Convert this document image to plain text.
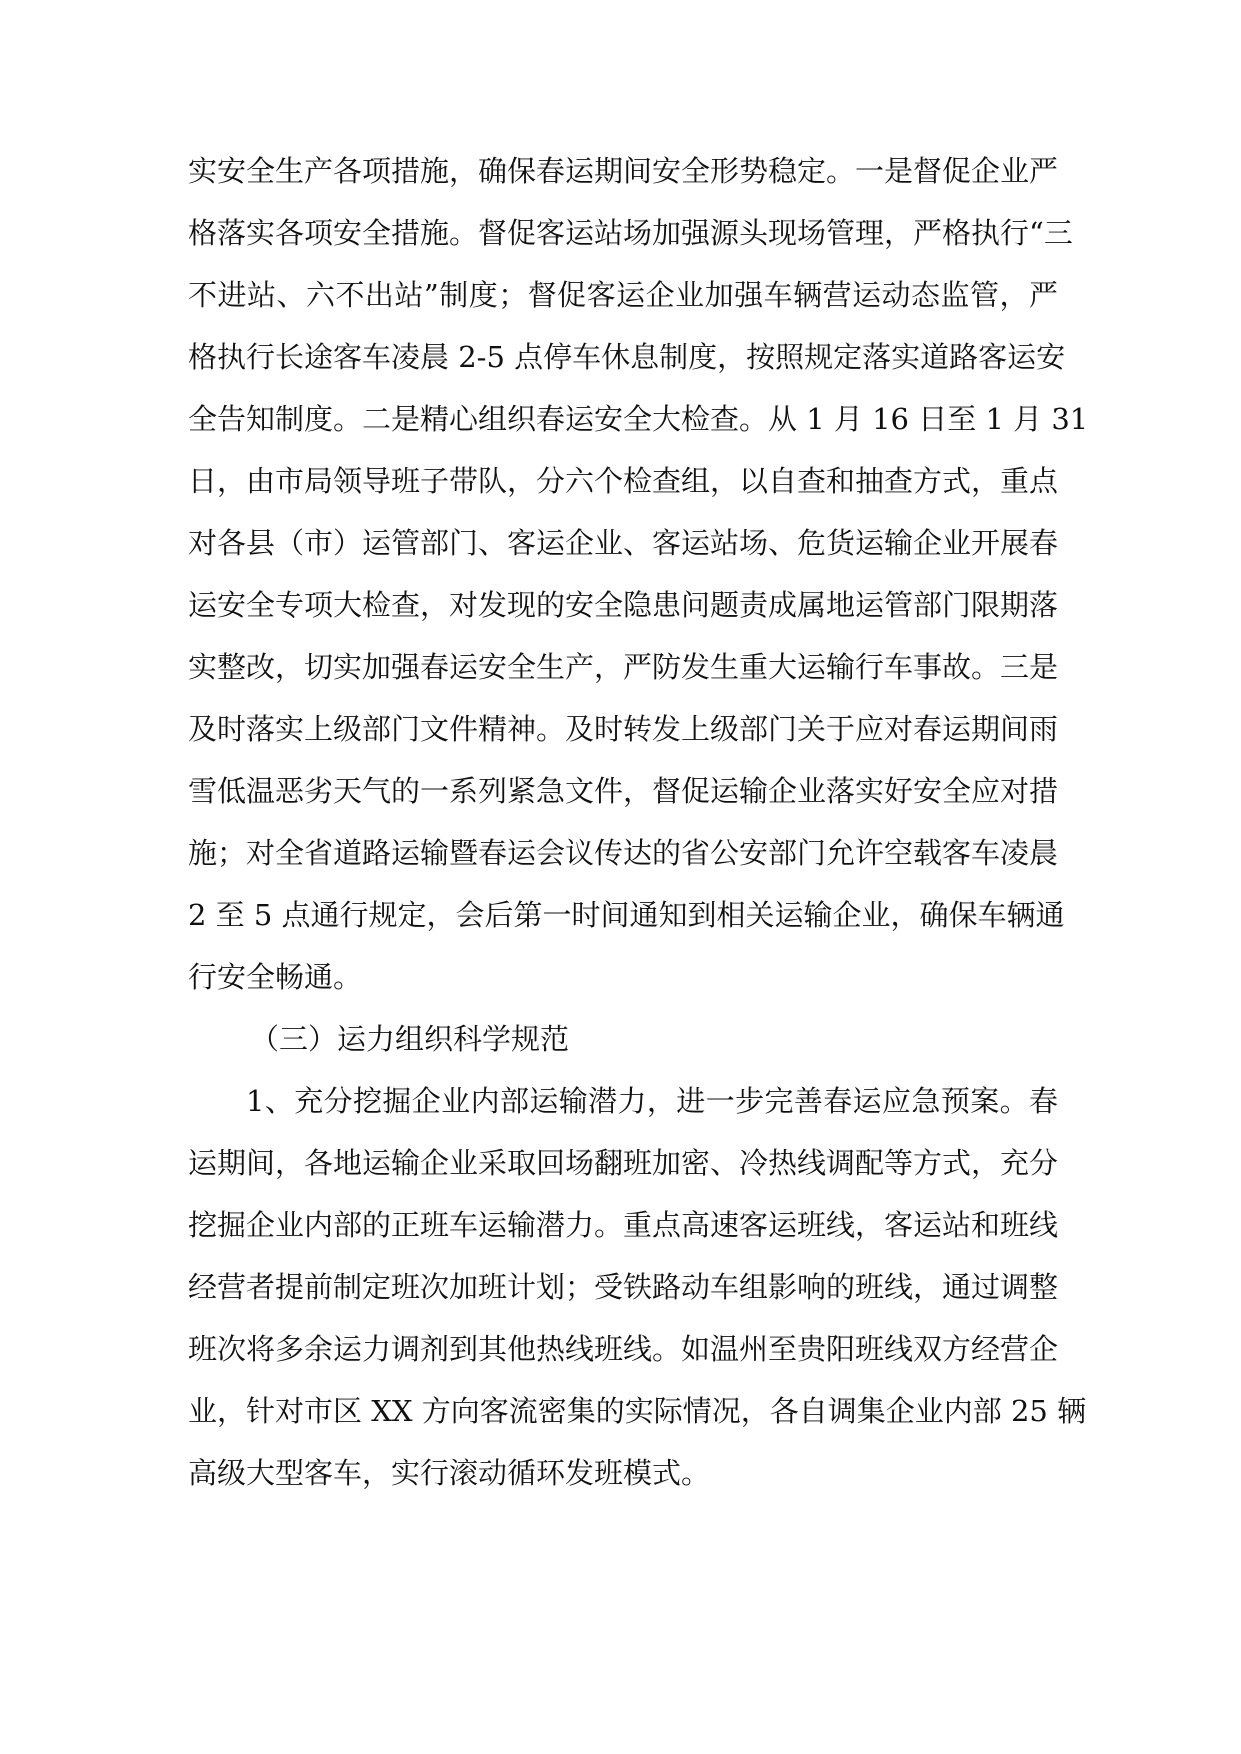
实安全生产各项措施，确保春运期间安全形势稳定。一是督促企业严
格落实各项安全措施。督促客运站场加强源头现场管理，严格执行“三
不进站、六不出站”制度；督促客运企业加强车辆营运动态监管，严
格执行长途客车凌晨 2-5 点停车休息制度，按照规定落实道路客运安
全告知制度。二是精心组织春运安全大检查。从 1 月 16 日至 1 月 31
日，由市局领导班子带队，分六个检查组，以自查和抽查方式，重点
对各县（市）运管部门、客运企业、客运站场、危货运输企业开展春
运安全专项大检查，对发现的安全隐患问题责成属地运管部门限期落
实整改，切实加强春运安全生产，严防发生重大运输行车事故。三是
及时落实上级部门文件精神。及时转发上级部门关于应对春运期间雨
雪低温恶劣天气的一系列紧急文件，督促运输企业落实好安全应对措
施；对全省道路运输暨春运会议传达的省公安部门允许空载客车凌晨
2 至 5 点通行规定，会后第一时间通知到相关运输企业，确保车辆通
行安全畅通。
（三）运力组织科学规范
1、充分挖掘企业内部运输潜力，进一步完善春运应急预案。春
运期间，各地运输企业采取回场翻班加密、冷热线调配等方式，充分
挖掘企业内部的正班车运输潜力。重点高速客运班线，客运站和班线
经营者提前制定班次加班计划；受铁路动车组影响的班线，通过调整
班次将多余运力调剂到其他热线班线。如温州至贵阳班线双方经营企
业，针对市区 XX 方向客流密集的实际情况，各自调集企业内部 25 辆
高级大型客车，实行滚动循环发班模式。
